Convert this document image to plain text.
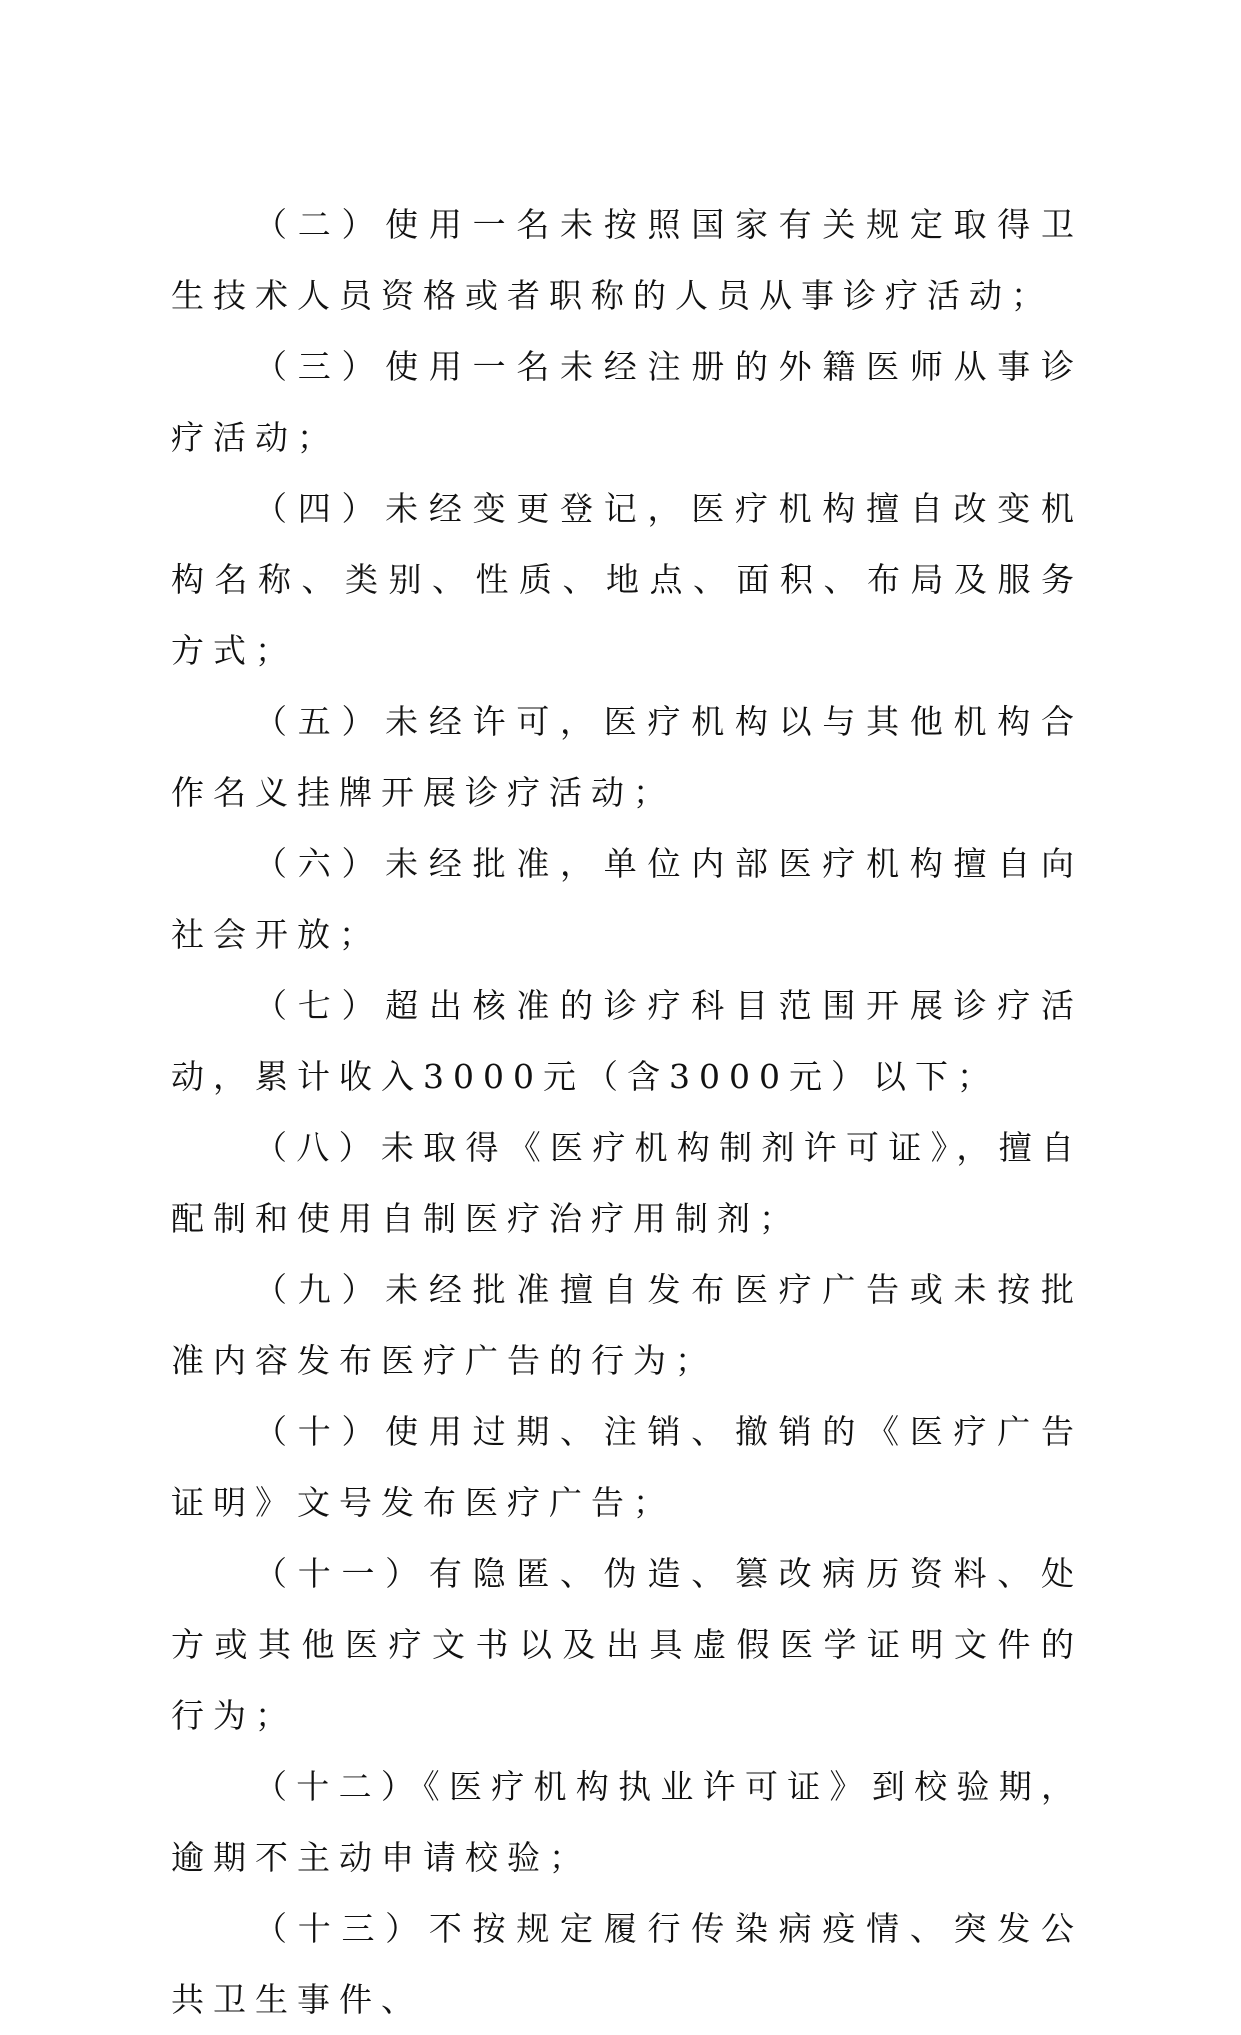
（二）使用一名未按照国家有关规定取得卫生技术人员资格或者职称的人员从事诊疗活动；

（三）使用一名未经注册的外籍医师从事诊疗活动；

（四）未经变更登记，医疗机构擅自改变机构名称、类别、性质、地点、面积、布局及服务方式；

（五）未经许可，医疗机构以与其他机构合作名义挂牌开展诊疗活动；

（六）未经批准，单位内部医疗机构擅自向社会开放；

（七）超出核准的诊疗科目范围开展诊疗活动，累计收入3000元（含3000元）以下；

（八）未取得《医疗机构制剂许可证》，擅自配制和使用自制医疗治疗用制剂；

（九）未经批准擅自发布医疗广告或未按批准内容发布医疗广告的行为；

（十）使用过期、注销、撤销的《医疗广告证明》文号发布医疗广告；

（十一）有隐匿、伪造、篡改病历资料、处方或其他医疗文书以及出具虚假医学证明文件的行为；

（十二）《医疗机构执业许可证》到校验期，逾期不主动申请校验；

（十三）不按规定履行传染病疫情、突发公共卫生事件、
